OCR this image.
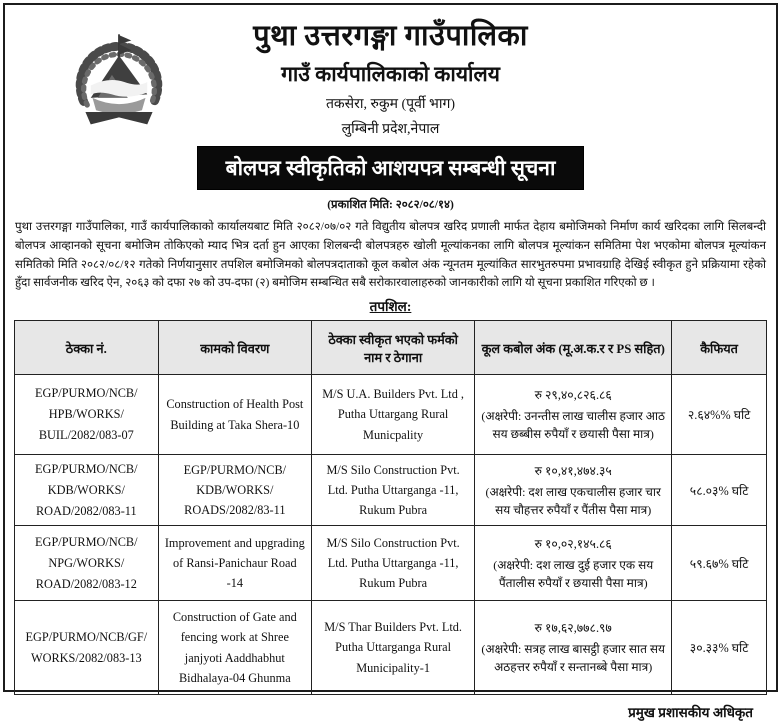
पुथा उत्तरगङ्गा गाउँपालिका
गाउँ कार्यपालिकाको कार्यालय
तकसेरा, रुकुम (पूर्वी भाग)
लुम्बिनी प्रदेश,नेपाल
बोलपत्र स्वीकृतिको आशयपत्र सम्बन्धी सूचना
(प्रकाशित मिति: २०८२/०८/१४)
पुथा उत्तरगङ्गा गाउँपालिका, गाउँ कार्यपालिकाको कार्यालयबाट मिति २०८२/०७/०२ गते विद्युतीय बोलपत्र खरिद प्रणाली मार्फत देहाय बमोजिमको निर्माण कार्य खरिदका लागि सिलबन्दी बोलपत्र आव्हानको सूचना बमोजिम तोकिएको म्याद भित्र दर्ता हुन आएका शिलबन्दी बोलपत्रहरु खोली मूल्यांकनका लागि बोलपत्र मूल्यांकन समितिमा पेश भएकोमा बोलपत्र मूल्यांकन समितिको मिति २०८२/०८/१२ गतेको निर्णयानुसार तपशिल बमोजिमको बोलपत्रदाताको कूल कबोल अंक न्यूनतम मूल्यांकित सारभुतरुपमा प्रभावग्राहि देखिई स्वीकृत हुने प्रक्रियामा रहेको हुँदा सार्वजनीक खरिद ऐन, २०६३ को दफा २७ को उप-दफा (२) बमोजिम सम्बन्धित सबै सरोकारवालाहरुको जानकारीको लागि यो सूचना प्रकाशित गरिएको छ ।
तपशिल:
ठेक्का नं.	कामको विवरण	ठेक्का स्वीकृत भएको फर्मको नाम र ठेगाना	कूल कबोल अंक (मू.अ.क.र र PS सहित)	कैफियत
EGP/PURMO/NCB/ HPB/WORKS/ BUIL/2082/083-07	Construction of Health Post Building at Taka Shera-10	M/S U.A. Builders Pvt. Ltd , Putha Uttargang Rural Municpality	रु २९,४०,८२६.८६
(अक्षरेपी: उनन्तीस लाख चालीस हजार आठ सय छब्बीस रुपैयाँ र छयासी पैसा मात्र)	२.६४%% घटि
EGP/PURMO/NCB/ KDB/WORKS/ ROAD/2082/083-11	EGP/PURMO/NCB/ KDB/WORKS/ ROADS/2082/83-11	M/S Silo Construction Pvt. Ltd. Putha Uttarganga -11, Rukum Pubra	रु १०,४१,४७४.३५
(अक्षरेपी: दश लाख एकचालीस हजार चार सय चौहत्तर रुपैयाँ र पैंतीस पैसा मात्र)	५८.०३% घटि
EGP/PURMO/NCB/ NPG/WORKS/ ROAD/2082/083-12	Improvement and upgrading of Ransi-Panichaur Road -14	M/S Silo Construction Pvt. Ltd. Putha Uttarganga -11, Rukum Pubra	रु १०,०२,१४५.८६
(अक्षरेपी: दश लाख दुई हजार एक सय पैंतालीस रुपैयाँ र छयासी पैसा मात्र)	५९.६७% घटि
EGP/PURMO/NCB/GF/ WORKS/2082/083-13	Construction of Gate and fencing work at Shree janjyoti Aaddhabhut Bidhalaya-04 Ghunma	M/S Thar Builders Pvt. Ltd. Putha Uttarganga Rural Municipality-1	रु १७,६२,७७८.९७
(अक्षरेपी: सत्रह लाख बासट्ठी हजार सात सय अठहत्तर रुपैयाँ र सन्तानब्बे पैसा मात्र)	३०.३३% घटि
प्रमुख प्रशासकीय अधिकृत
